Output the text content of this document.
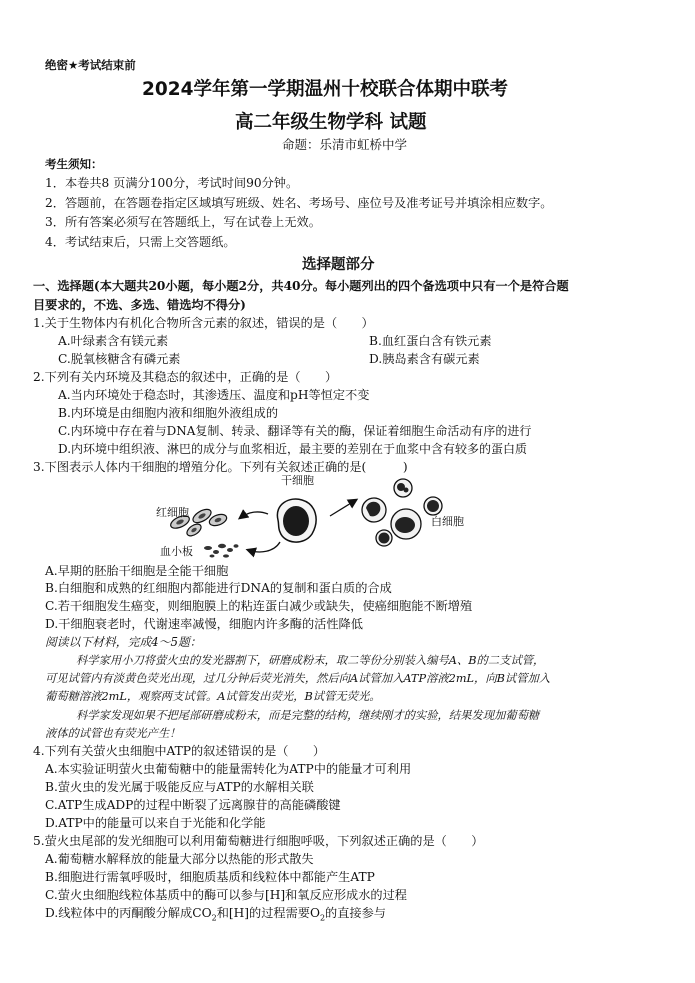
绝密★考试结束前
2024学年第一学期温州十校联合体期中联考
高二年级生物学科 试题
命题：乐清市虹桥中学
考生须知：
1．本卷共8 页满分100分，考试时间90分钟。
2．答题前，在答题卷指定区域填写班级、姓名、考场号、座位号及准考证号并填涂相应数字。
3．所有答案必须写在答题纸上，写在试卷上无效。
4．考试结束后，只需上交答题纸。
选择题部分
一、选择题(本大题共20小题，每小题2分，共40分。每小题列出的四个备选项中只有一个是符合题
目要求的，不选、多选、错选均不得分)
1.关于生物体内有机化合物所含元素的叙述，错误的是（　　）
A.叶绿素含有镁元素	B.血红蛋白含有铁元素
C.脱氧核糖含有磷元素	D.胰岛素含有碳元素
2.下列有关内环境及其稳态的叙述中，正确的是（　　）
A.当内环境处于稳态时，其渗透压、温度和pH等恒定不变
B.内环境是由细胞内液和细胞外液组成的
C.内环境中存在着与DNA复制、转录、翻译等有关的酶，保证着细胞生命活动有序的进行
D.内环境中组织液、淋巴的成分与血浆相近，最主要的差别在于血浆中含有较多的蛋白质
3.下图表示人体内干细胞的增殖分化。下列有关叙述正确的是(　　　)
红细胞
干细胞
白细胞
血小板
A.早期的胚胎干细胞是全能干细胞
B.白细胞和成熟的红细胞内都能进行DNA的复制和蛋白质的合成
C.若干细胞发生癌变，则细胞膜上的粘连蛋白减少或缺失，使癌细胞能不断增殖
D.干细胞衰老时，代谢速率减慢，细胞内许多酶的活性降低
阅读以下材料，完成4～5题：
科学家用小刀将萤火虫的发光器割下，研磨成粉末，取二等份分别装入编号A、B的二支试管，
可见试管内有淡黄色荧光出现，过几分钟后荧光消失，然后向A试管加入ATP溶液2mL，向B试管加入
葡萄糖溶液2mL，观察两支试管。A试管发出荧光，B试管无荧光。
科学家发现如果不把尾部研磨成粉末，而是完整的结构，继续刚才的实验，结果发现加葡萄糖
液体的试管也有荧光产生！
4.下列有关萤火虫细胞中ATP的叙述错误的是（　　）
A.本实验证明萤火虫葡萄糖中的能量需转化为ATP中的能量才可利用
B.萤火虫的发光属于吸能反应与ATP的水解相关联
C.ATP生成ADP的过程中断裂了远离腺苷的高能磷酸键
D.ATP中的能量可以来自于光能和化学能
5.萤火虫尾部的发光细胞可以利用葡萄糖进行细胞呼吸，下列叙述正确的是（　　）
A.葡萄糖水解释放的能量大部分以热能的形式散失
B.细胞进行需氧呼吸时，细胞质基质和线粒体中都能产生ATP
C.萤火虫细胞线粒体基质中的酶可以参与[H]和氧反应形成水的过程
D.线粒体中的丙酮酸分解成$CO_2$和[H]的过程需要$O_2$的直接参与
